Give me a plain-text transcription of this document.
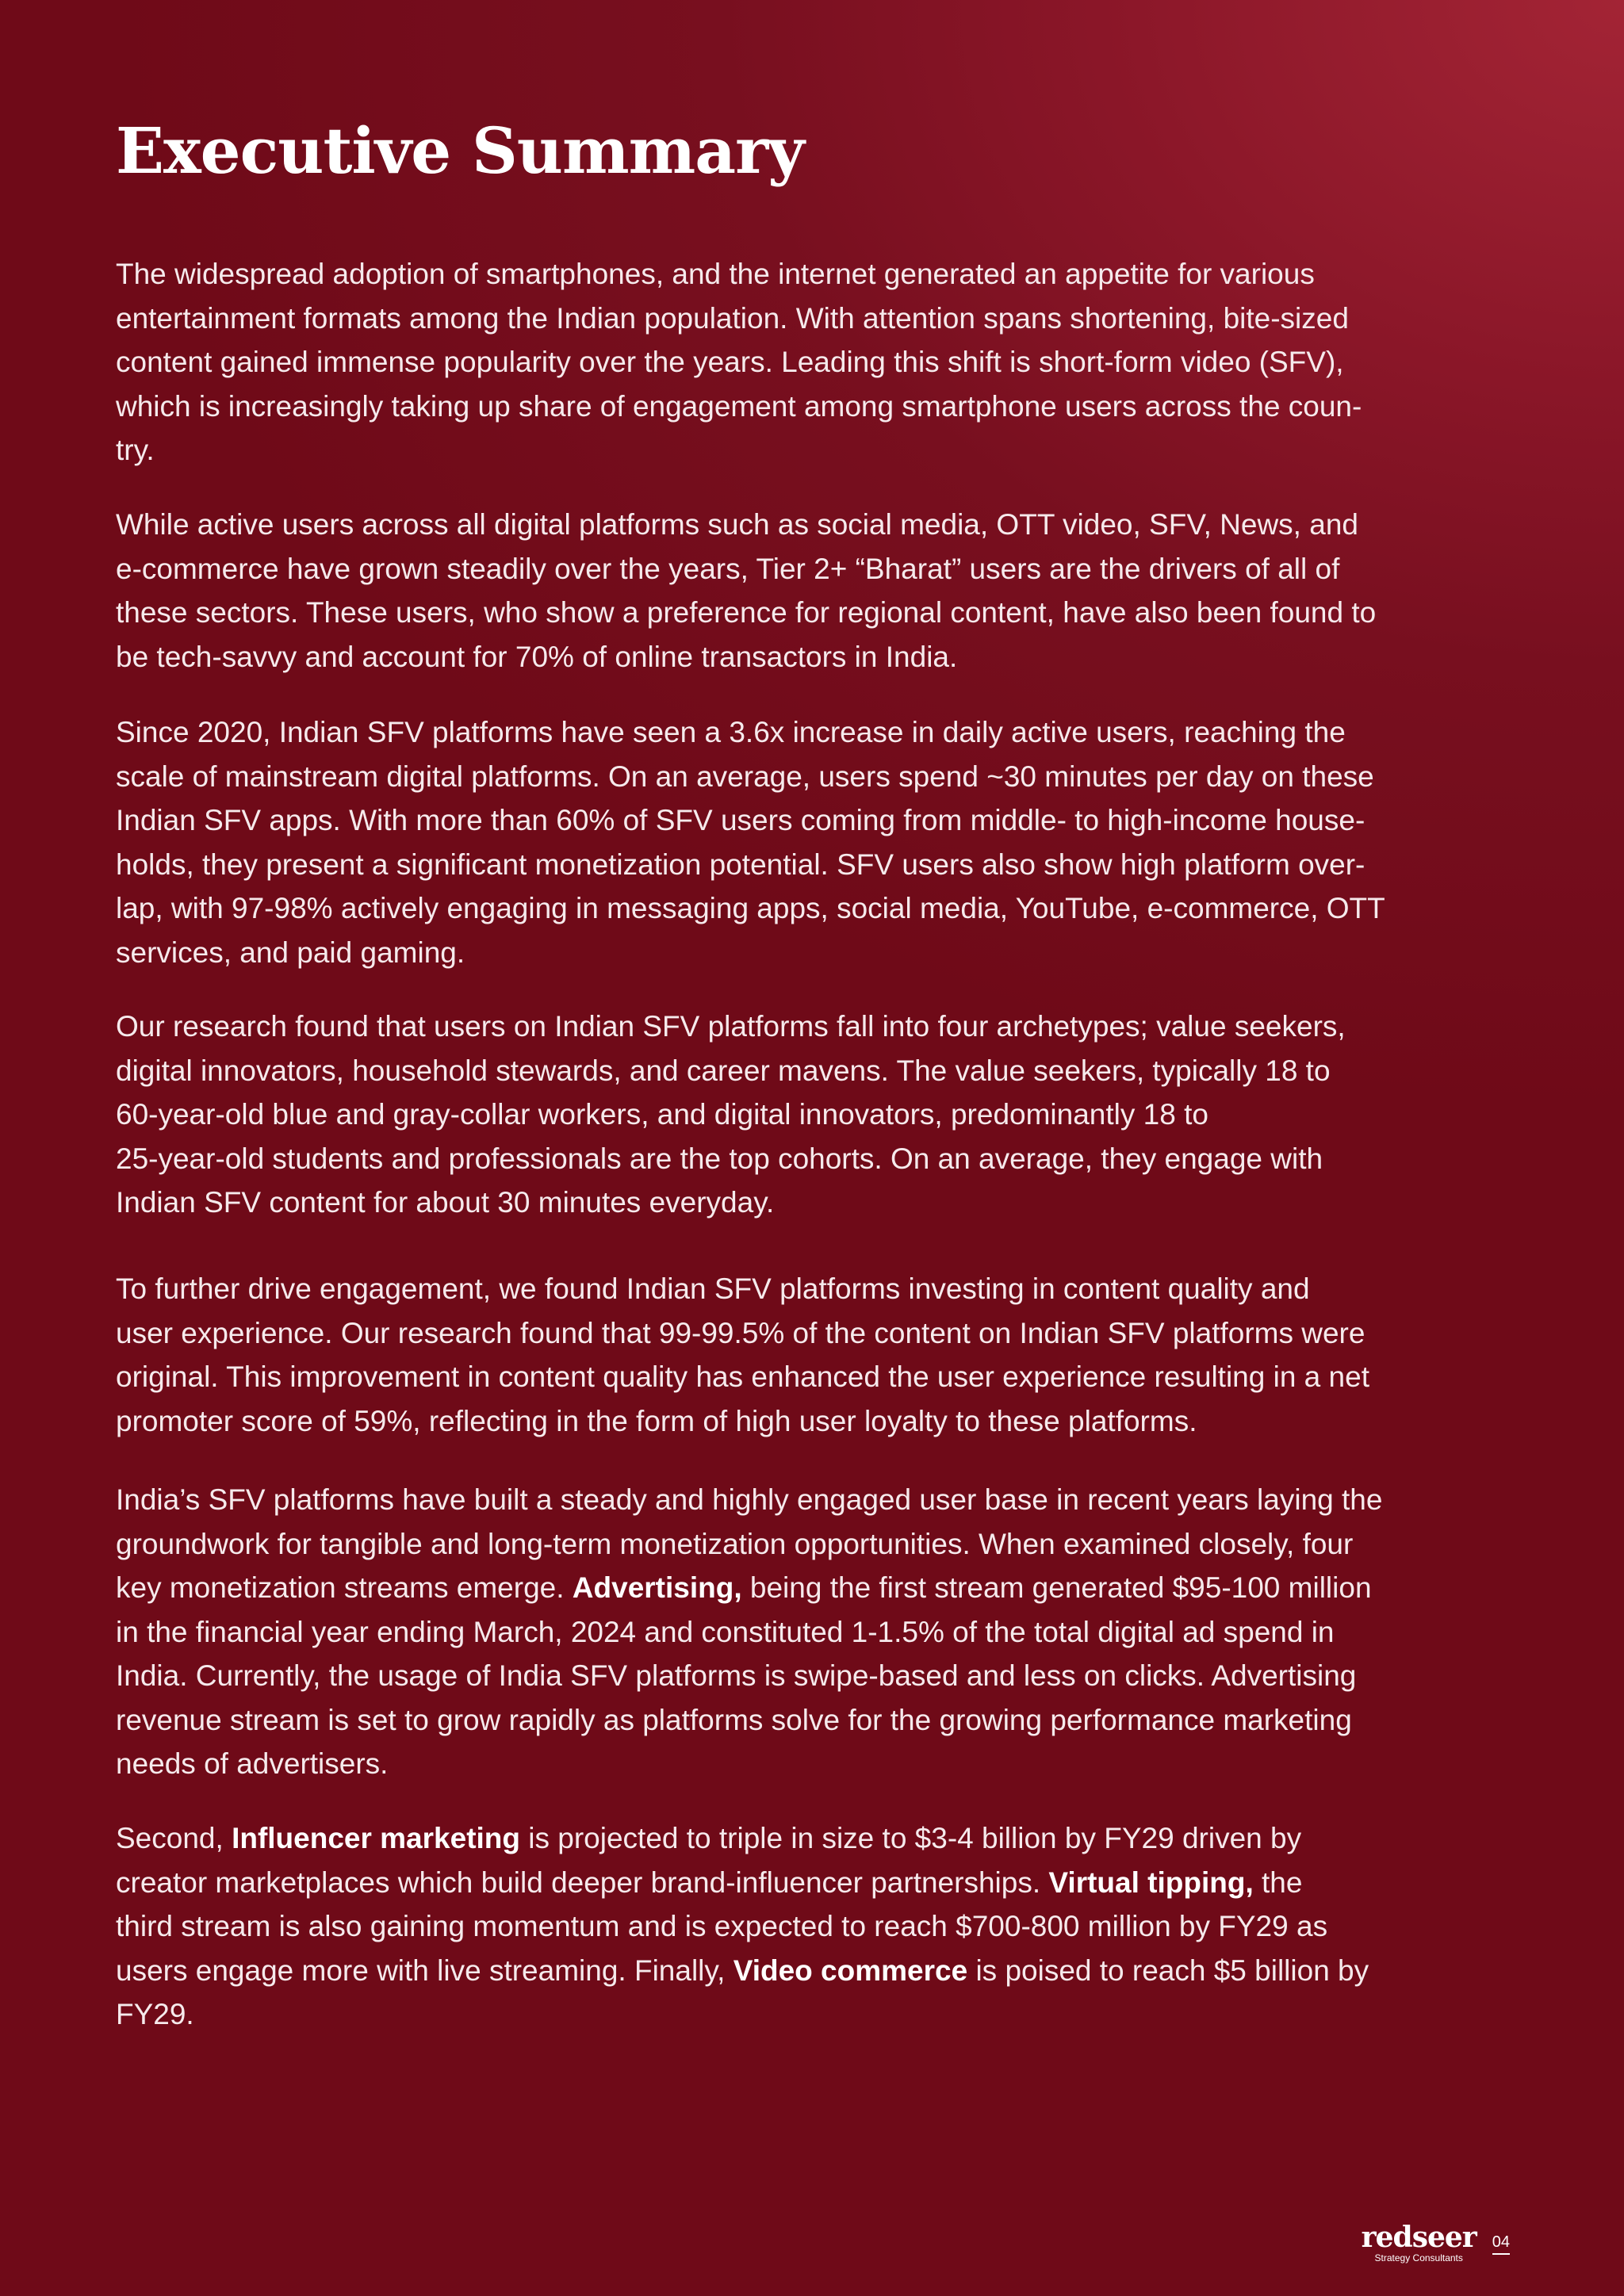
Executive Summary

The widespread adoption of smartphones, and the internet generated an appetite for various
entertainment formats among the Indian population. With attention spans shortening, bite-sized
content gained immense popularity over the years. Leading this shift is short-form video (SFV),
which is increasingly taking up share of engagement among smartphone users across the coun-
try.

While active users across all digital platforms such as social media, OTT video, SFV, News, and
e-commerce have grown steadily over the years, Tier 2+ “Bharat” users are the drivers of all of
these sectors. These users, who show a preference for regional content, have also been found to
be tech-savvy and account for 70% of online transactors in India.

Since 2020, Indian SFV platforms have seen a 3.6x increase in daily active users, reaching the
scale of mainstream digital platforms. On an average, users spend ~30 minutes per day on these
Indian SFV apps. With more than 60% of SFV users coming from middle- to high-income house-
holds, they present a significant monetization potential. SFV users also show high platform over-
lap, with 97-98% actively engaging in messaging apps, social media, YouTube, e-commerce, OTT
services, and paid gaming.

Our research found that users on Indian SFV platforms fall into four archetypes; value seekers,
digital innovators, household stewards, and career mavens. The value seekers, typically 18 to
60-year-old blue and gray-collar workers, and digital innovators, predominantly 18 to
25-year-old students and professionals are the top cohorts. On an average, they engage with
Indian SFV content for about 30 minutes everyday.

To further drive engagement, we found Indian SFV platforms investing in content quality and
user experience. Our research found that 99-99.5% of the content on Indian SFV platforms were
original. This improvement in content quality has enhanced the user experience resulting in a net
promoter score of 59%, reflecting in the form of high user loyalty to these platforms.

India’s SFV platforms have built a steady and highly engaged user base in recent years laying the
groundwork for tangible and long-term monetization opportunities. When examined closely, four
key monetization streams emerge. Advertising, being the first stream generated $95-100 million
in the financial year ending March, 2024 and constituted 1-1.5% of the total digital ad spend in
India. Currently, the usage of India SFV platforms is swipe-based and less on clicks. Advertising
revenue stream is set to grow rapidly as platforms solve for the growing performance marketing
needs of advertisers.

Second, Influencer marketing is projected to triple in size to $3-4 billion by FY29 driven by
creator marketplaces which build deeper brand-influencer partnerships. Virtual tipping, the
third stream is also gaining momentum and is expected to reach $700-800 million by FY29 as
users engage more with live streaming. Finally, Video commerce is poised to reach $5 billion by
FY29.

redseer
Strategy Consultants
04
